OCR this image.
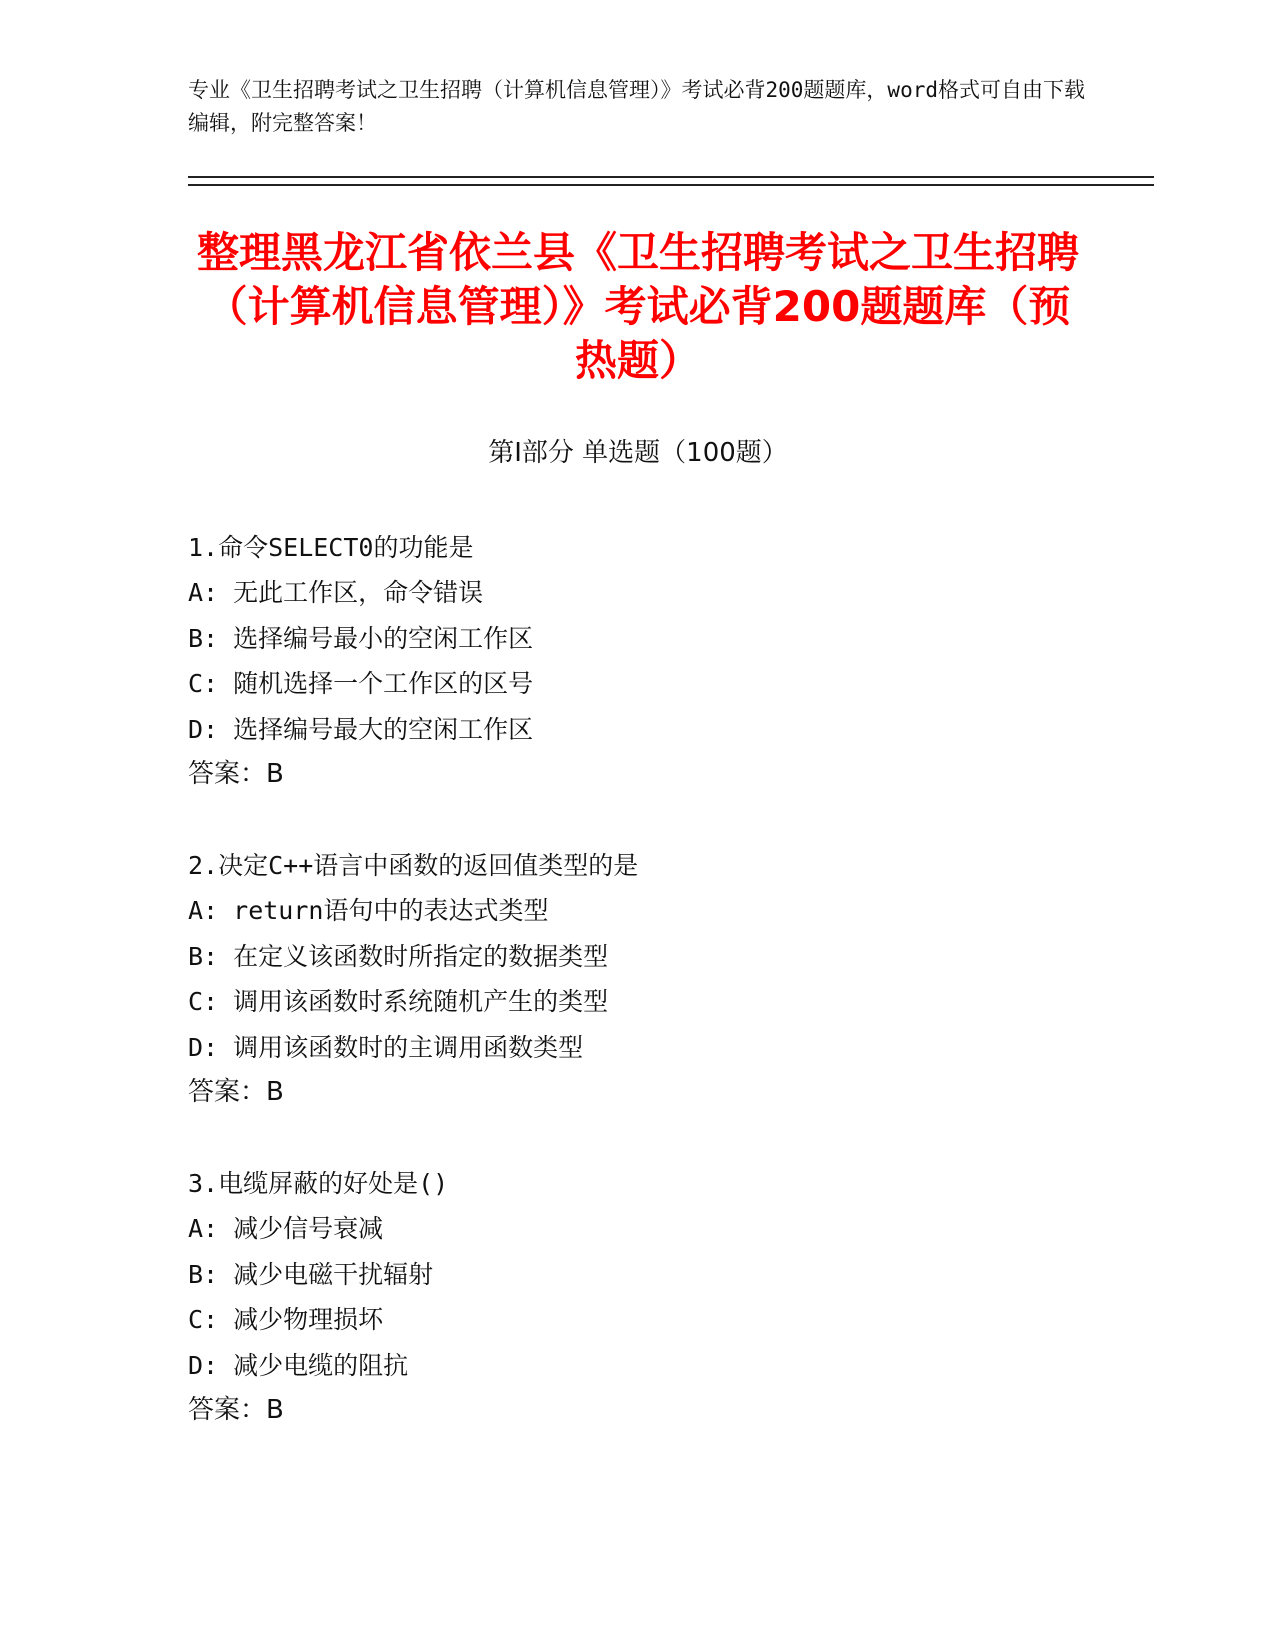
专业《卫生招聘考试之卫生招聘（计算机信息管理）》考试必背200题题库，word格式可自由下载编辑，附完整答案！
整理黑龙江省依兰县《卫生招聘考试之卫生招聘（计算机信息管理）》考试必背200题题库（预热题）
第Ⅰ部分 单选题（100题）
1.命令SELECT0的功能是
A: 无此工作区，命令错误
B: 选择编号最小的空闲工作区
C: 随机选择一个工作区的区号
D: 选择编号最大的空闲工作区
答案：B
2.决定C++语言中函数的返回值类型的是
A: return语句中的表达式类型
B: 在定义该函数时所指定的数据类型
C: 调用该函数时系统随机产生的类型
D: 调用该函数时的主调用函数类型
答案：B
3.电缆屏蔽的好处是()
A: 减少信号衰减
B: 减少电磁干扰辐射
C: 减少物理损坏
D: 减少电缆的阻抗
答案：B
